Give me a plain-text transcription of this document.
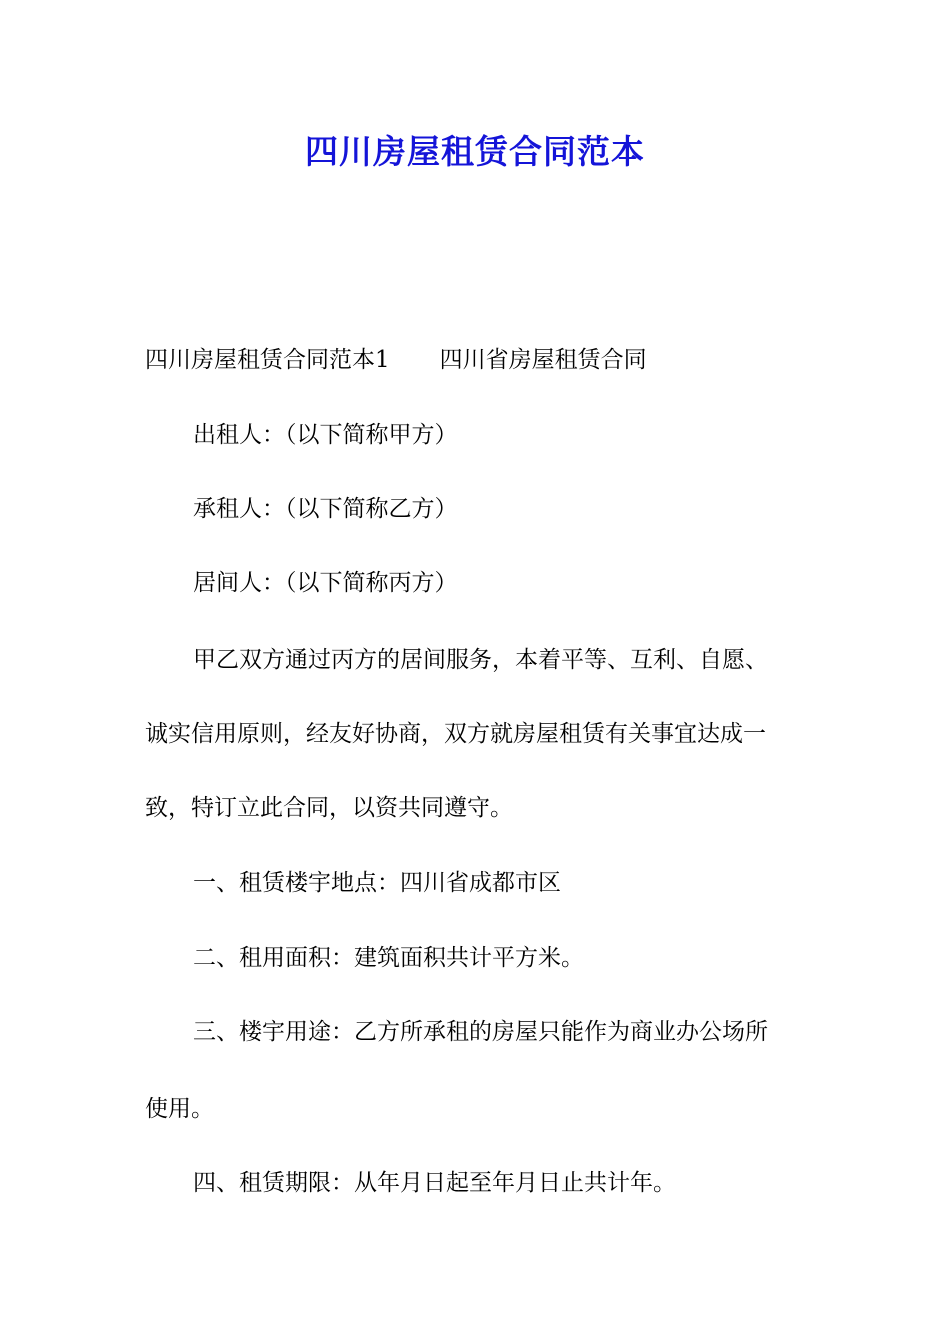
四川房屋租赁合同范本

四川房屋租赁合同范本1 四川省房屋租赁合同

出租人：（以下简称甲方）

承租人：（以下简称乙方）

居间人：（以下简称丙方）

甲乙双方通过丙方的居间服务，本着平等、互利、自愿、

诚实信用原则，经友好协商，双方就房屋租赁有关事宜达成一

致，特订立此合同，以资共同遵守。

一、租赁楼宇地点：四川省成都市区

二、租用面积：建筑面积共计平方米。

三、楼宇用途：乙方所承租的房屋只能作为商业办公场所

使用。

四、租赁期限：从年月日起至年月日止共计年。
